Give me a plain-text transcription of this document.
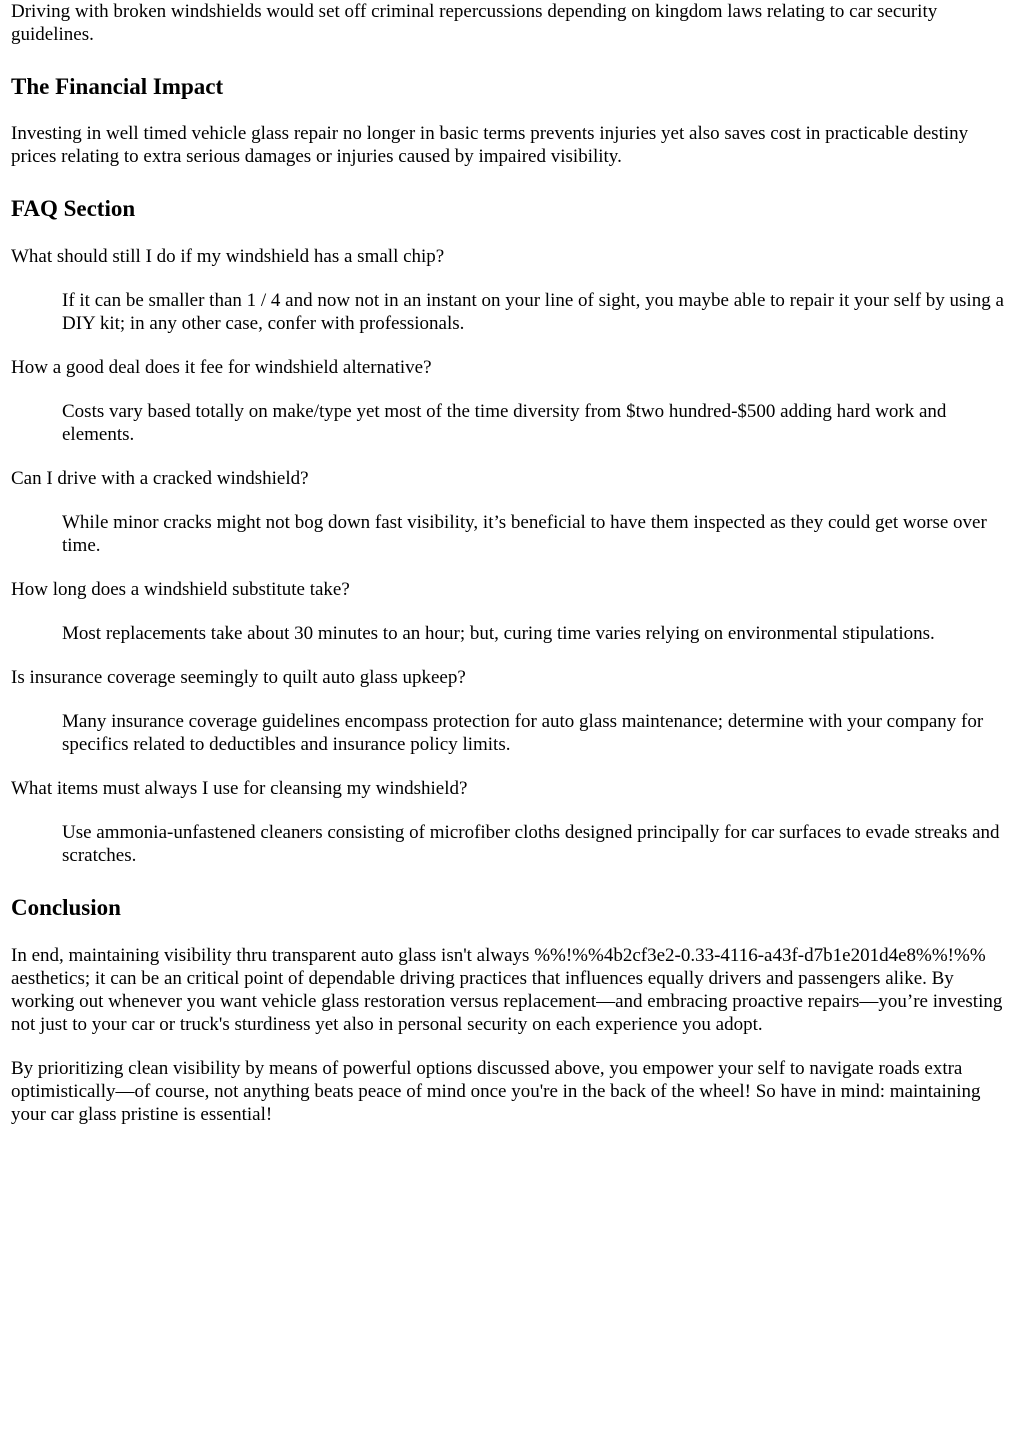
Driving with broken windshields would set off criminal repercussions depending on kingdom laws relating to car security guidelines.

The Financial Impact

Investing in well timed vehicle glass repair no longer in basic terms prevents injuries yet also saves cost in practicable destiny prices relating to extra serious damages or injuries caused by impaired visibility.

FAQ Section
What should still I do if my windshield has a small chip?
If it can be smaller than 1 / 4 and now not in an instant on your line of sight, you maybe able to repair it your self by using a DIY kit; in any other case, confer with professionals.
How a good deal does it fee for windshield alternative?
Costs vary based totally on make/type yet most of the time diversity from $two hundred-$500 adding hard work and elements.
Can I drive with a cracked windshield?
While minor cracks might not bog down fast visibility, it’s beneficial to have them inspected as they could get worse over time.
How long does a windshield substitute take?
Most replacements take about 30 minutes to an hour; but, curing time varies relying on environmental stipulations.
Is insurance coverage seemingly to quilt auto glass upkeep?
Many insurance coverage guidelines encompass protection for auto glass maintenance; determine with your company for specifics related to deductibles and insurance policy limits.
What items must always I use for cleansing my windshield?
Use ammonia-unfastened cleaners consisting of microfiber cloths designed principally for car surfaces to evade streaks and scratches.
Conclusion

In end, maintaining visibility thru transparent auto glass isn't always %%!%%4b2cf3e2-0.33-4116-a43f-d7b1e201d4e8%%!%% aesthetics; it can be an critical point of dependable driving practices that influences equally drivers and passengers alike. By working out whenever you want vehicle glass restoration versus replacement—and embracing proactive repairs—you’re investing not just to your car or truck's sturdiness yet also in personal security on each experience you adopt.

By prioritizing clean visibility by means of powerful options discussed above, you empower your self to navigate roads extra optimistically—of course, not anything beats peace of mind once you're in the back of the wheel! So have in mind: maintaining your car glass pristine is essential!
